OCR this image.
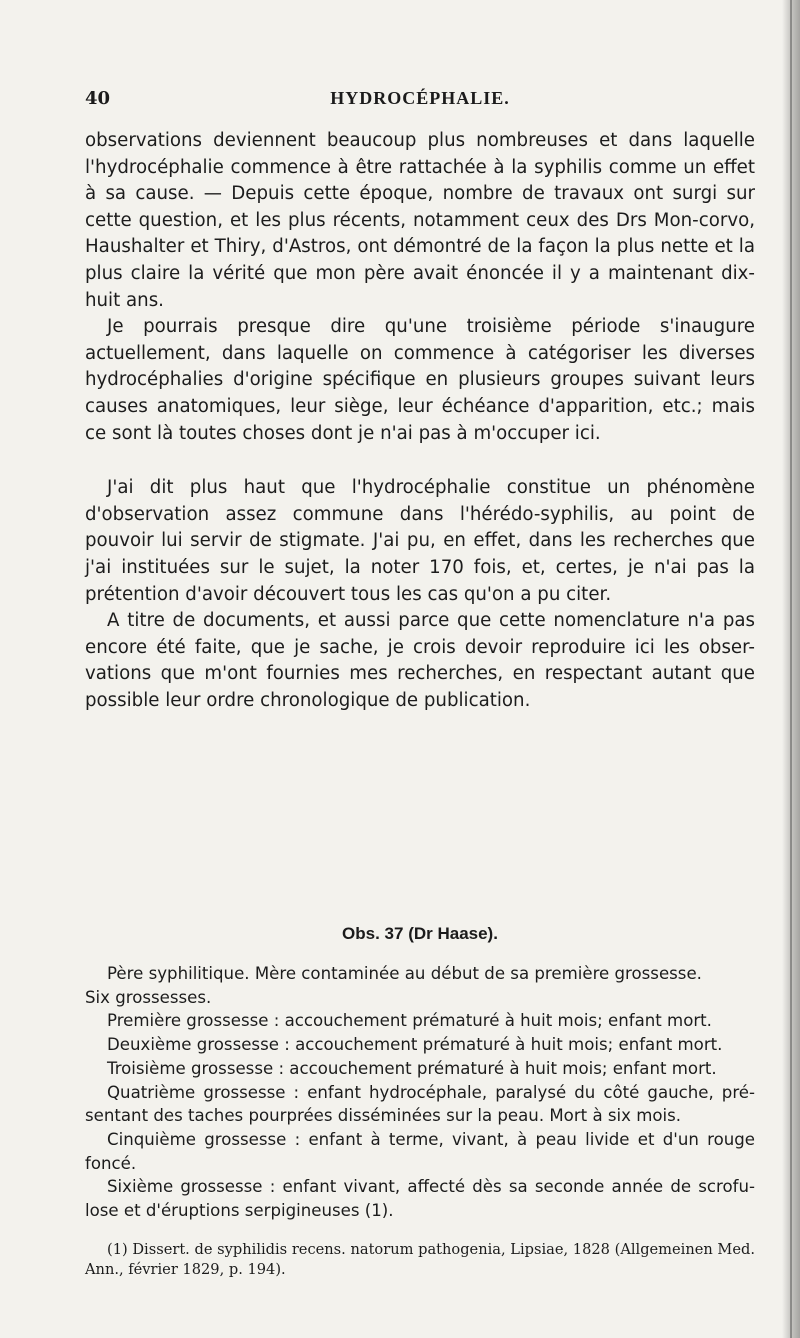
40	HYDROCÉPHALIE.

observations deviennent beaucoup plus nombreuses et dans laquelle l'hydrocéphalie commence à être rattachée à la syphilis comme un effet à sa cause. — Depuis cette époque, nombre de travaux ont surgi sur cette question, et les plus récents, notamment ceux des Drs Mon-corvo, Haushalter et Thiry, d'Astros, ont démontré de la façon la plus nette et la plus claire la vérité que mon père avait énoncée il y a maintenant dix-huit ans.

Je pourrais presque dire qu'une troisième période s'inaugure actuellement, dans laquelle on commence à catégoriser les diverses hydrocéphalies d'origine spécifique en plusieurs groupes suivant leurs causes anatomiques, leur siège, leur échéance d'apparition, etc.; mais ce sont là toutes choses dont je n'ai pas à m'occuper ici.

J'ai dit plus haut que l'hydrocéphalie constitue un phénomène d'observation assez commune dans l'hérédo-syphilis, au point de pouvoir lui servir de stigmate. J'ai pu, en effet, dans les recherches que j'ai instituées sur le sujet, la noter 170 fois, et, certes, je n'ai pas la prétention d'avoir découvert tous les cas qu'on a pu citer.

A titre de documents, et aussi parce que cette nomenclature n'a pas encore été faite, que je sache, je crois devoir reproduire ici les obser-vations que m'ont fournies mes recherches, en respectant autant que possible leur ordre chronologique de publication.

Obs. 37 (Dr Haase).

Père syphilitique. Mère contaminée au début de sa première grossesse.

Six grossesses.

Première grossesse : accouchement prématuré à huit mois; enfant mort.

Deuxième grossesse : accouchement prématuré à huit mois; enfant mort.

Troisième grossesse : accouchement prématuré à huit mois; enfant mort.

Quatrième grossesse : enfant hydrocéphale, paralysé du côté gauche, pré-sentant des taches pourprées disséminées sur la peau. Mort à six mois.

Cinquième grossesse : enfant à terme, vivant, à peau livide et d'un rouge foncé.

Sixième grossesse : enfant vivant, affecté dès sa seconde année de scrofu-lose et d'éruptions serpigineuses (1).

(1) Dissert. de syphilidis recens. natorum pathogenia, Lipsiae, 1828 (Allgemeinen Med. Ann., février 1829, p. 194).
